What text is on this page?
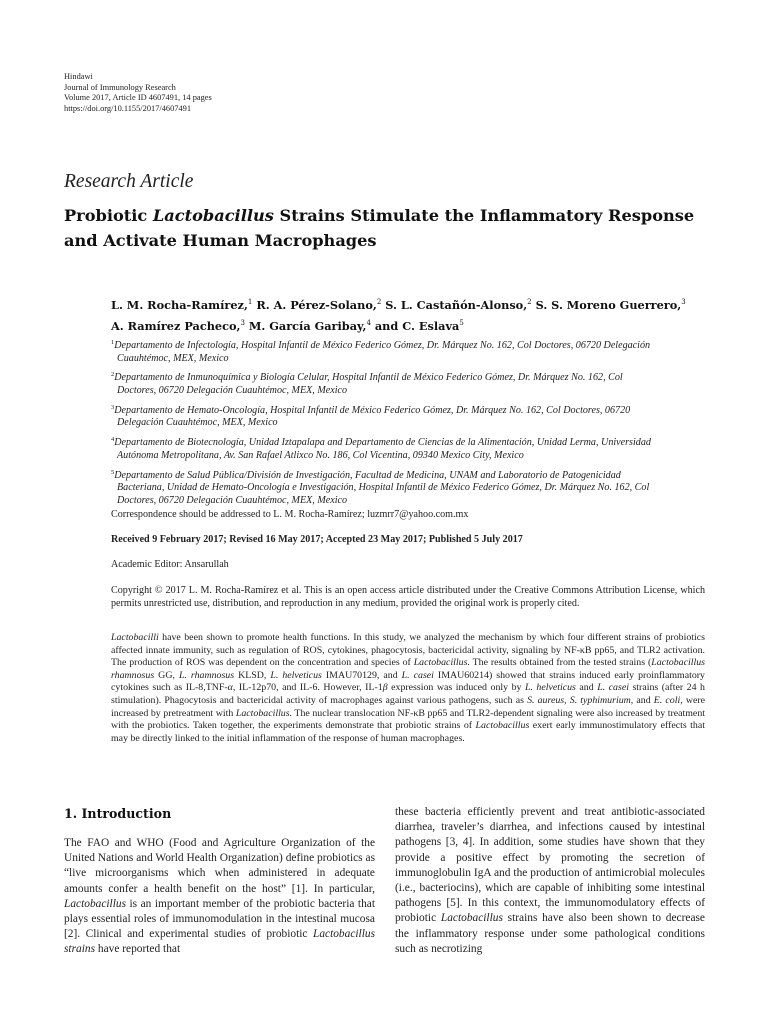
Hindawi
Journal of Immunology Research
Volume 2017, Article ID 4607491, 14 pages
https://doi.org/10.1155/2017/4607491
Research Article
Probiotic Lactobacillus Strains Stimulate the Inflammatory Response and Activate Human Macrophages
L. M. Rocha-Ramírez,$^1$ R. A. Pérez-Solano,$^2$ S. L. Castañón-Alonso,$^2$ S. S. Moreno Guerrero,$^3$
A. Ramírez Pacheco,$^3$ M. García Garibay,$^4$ and C. Eslava$^5$
$^1$Departamento de Infectología, Hospital Infantil de México Federico Gómez, Dr. Márquez No. 162, Col Doctores, 06720 Delegación
Cuauhtémoc, MEX, Mexico
$^2$Departamento de Inmunoquímica y Biología Celular, Hospital Infantil de México Federico Gómez, Dr. Márquez No. 162, Col
Doctores, 06720 Delegación Cuauhtémoc, MEX, Mexico
$^3$Departamento de Hemato-Oncología, Hospital Infantil de México Federico Gómez, Dr. Márquez No. 162, Col Doctores, 06720
Delegación Cuauhtémoc, MEX, Mexico
$^4$Departamento de Biotecnología, Unidad Iztapalapa and Departamento de Ciencias de la Alimentación, Unidad Lerma, Universidad
Autónoma Metropolitana, Av. San Rafael Atlixco No. 186, Col Vicentina, 09340 Mexico City, Mexico
$^5$Departamento de Salud Pública/División de Investigación, Facultad de Medicina, UNAM and Laboratorio de Patogenicidad
Bacteriana, Unidad de Hemato-Oncología e Investigación, Hospital Infantil de México Federico Gómez, Dr. Márquez No. 162, Col
Doctores, 06720 Delegación Cuauhtémoc, MEX, Mexico
Correspondence should be addressed to L. M. Rocha-Ramírez; luzmrr7@yahoo.com.mx
Received 9 February 2017; Revised 16 May 2017; Accepted 23 May 2017; Published 5 July 2017
Academic Editor: Ansarullah
Copyright © 2017 L. M. Rocha-Ramírez et al. This is an open access article distributed under the Creative Commons Attribution License, which permits unrestricted use, distribution, and reproduction in any medium, provided the original work is properly cited.
Lactobacilli have been shown to promote health functions. In this study, we analyzed the mechanism by which four different strains of probiotics affected innate immunity, such as regulation of ROS, cytokines, phagocytosis, bactericidal activity, signaling by NF-κB pp65, and TLR2 activation. The production of ROS was dependent on the concentration and species of Lactobacillus. The results obtained from the tested strains (Lactobacillus rhamnosus GG, L. rhamnosus KLSD, L. helveticus IMAU70129, and L. casei IMAU60214) showed that strains induced early proinflammatory cytokines such as IL-8,TNF-α, IL-12p70, and IL-6. However, IL-1β expression was induced only by L. helveticus and L. casei strains (after 24 h stimulation). Phagocytosis and bactericidal activity of macrophages against various pathogens, such as S. aureus, S. typhimurium, and E. coli, were increased by pretreatment with Lactobacillus. The nuclear translocation NF-κB pp65 and TLR2-dependent signaling were also increased by treatment with the probiotics. Taken together, the experiments demonstrate that probiotic strains of Lactobacillus exert early immunostimulatory effects that may be directly linked to the initial inflammation of the response of human macrophages.
1. Introduction
The FAO and WHO (Food and Agriculture Organization of the United Nations and World Health Organization) define probiotics as “live microorganisms which when administered in adequate amounts confer a health benefit on the host” [1]. In particular, Lactobacillus is an important member of the probiotic bacteria that plays essential roles of immunomodulation in the intestinal mucosa [2]. Clinical and experimental studies of probiotic Lactobacillus strains have reported that
these bacteria efficiently prevent and treat antibiotic-associated diarrhea, traveler’s diarrhea, and infections caused by intestinal pathogens [3, 4]. In addition, some studies have shown that they provide a positive effect by promoting the secretion of immunoglobulin IgA and the production of antimicrobial molecules (i.e., bacteriocins), which are capable of inhibiting some intestinal pathogens [5]. In this context, the immunomodulatory effects of probiotic Lactobacillus strains have also been shown to decrease the inflammatory response under some pathological conditions such as necrotizing
